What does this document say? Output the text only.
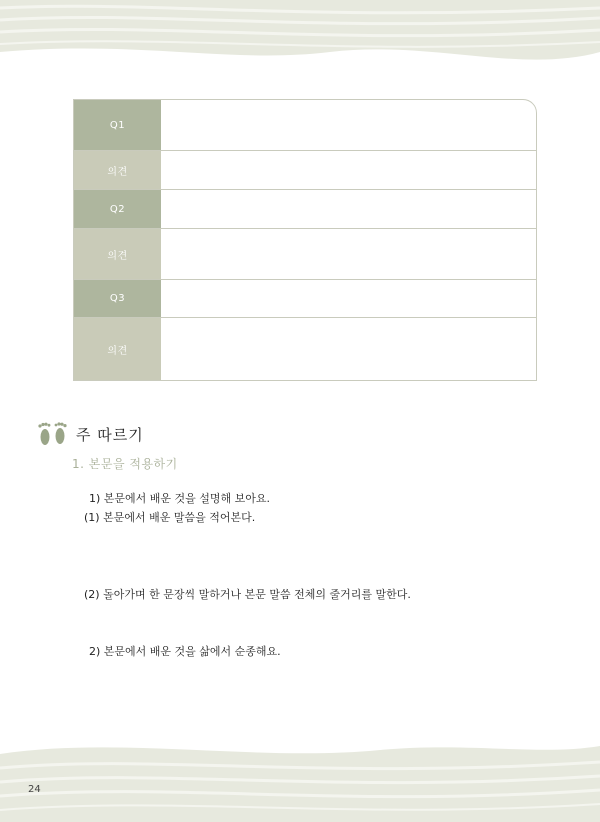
Q1
의견
Q2
의견
Q3
의견
주 따르기
1. 본문을 적용하기
1) 본문에서 배운 것을 설명해 보아요.
(1) 본문에서 배운 말씀을 적어본다.
(2) 돌아가며 한 문장씩 말하거나 본문 말씀 전체의 줄거리를 말한다.
2) 본문에서 배운 것을 삶에서 순종해요.
24
